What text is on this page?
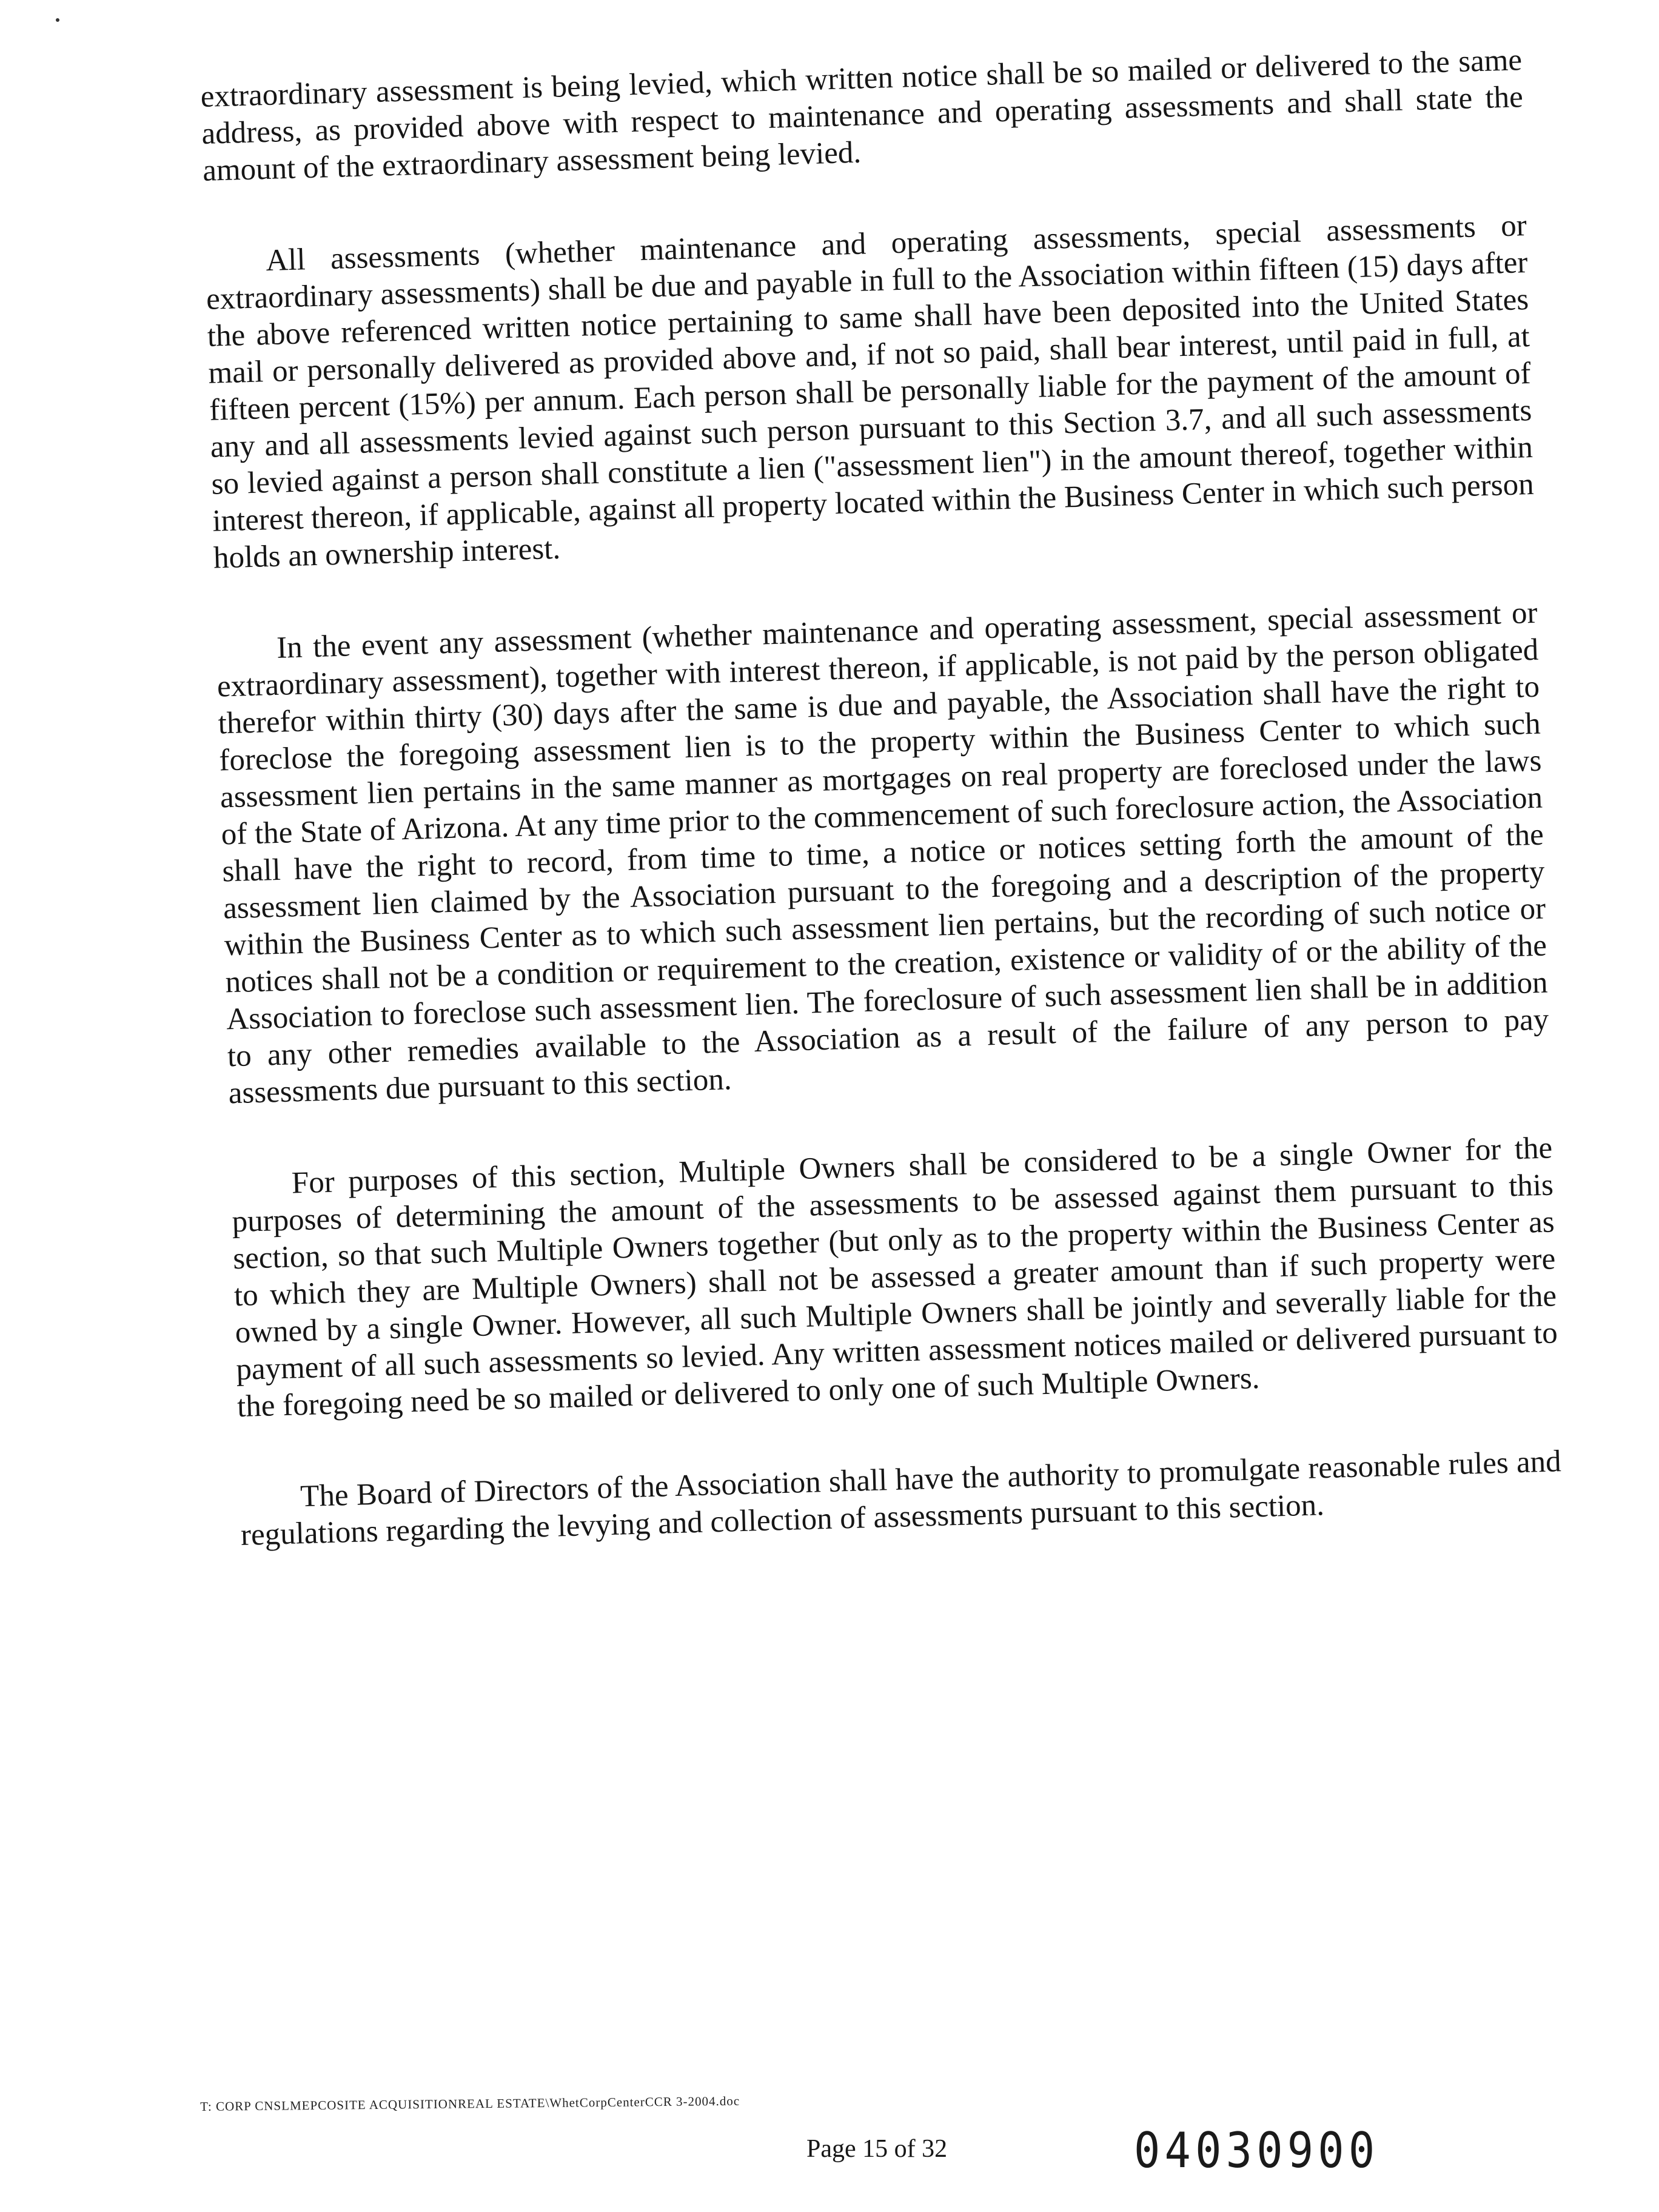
extraordinary assessment is being levied, which written notice shall be so mailed or delivered to the same address, as provided above with respect to maintenance and operating assessments and shall state the amount of the extraordinary assessment being levied.

All assessments (whether maintenance and operating assessments, special assessments or extraordinary assessments) shall be due and payable in full to the Association within fifteen (15) days after the above referenced written notice pertaining to same shall have been deposited into the United States mail or personally delivered as provided above and, if not so paid, shall bear interest, until paid in full, at fifteen percent (15%) per annum. Each person shall be personally liable for the payment of the amount of any and all assessments levied against such person pursuant to this Section 3.7, and all such assessments so levied against a person shall constitute a lien ("assessment lien") in the amount thereof, together within interest thereon, if applicable, against all property located within the Business Center in which such person holds an ownership interest.

In the event any assessment (whether maintenance and operating assessment, special assessment or extraordinary assessment), together with interest thereon, if applicable, is not paid by the person obligated therefor within thirty (30) days after the same is due and payable, the Association shall have the right to foreclose the foregoing assessment lien is to the property within the Business Center to which such assessment lien pertains in the same manner as mortgages on real property are foreclosed under the laws of the State of Arizona. At any time prior to the commencement of such foreclosure action, the Association shall have the right to record, from time to time, a notice or notices setting forth the amount of the assessment lien claimed by the Association pursuant to the foregoing and a description of the property within the Business Center as to which such assessment lien pertains, but the recording of such notice or notices shall not be a condition or requirement to the creation, existence or validity of or the ability of the Association to foreclose such assessment lien. The foreclosure of such assessment lien shall be in addition to any other remedies available to the Association as a result of the failure of any person to pay assessments due pursuant to this section.

For purposes of this section, Multiple Owners shall be considered to be a single Owner for the purposes of determining the amount of the assessments to be assessed against them pursuant to this section, so that such Multiple Owners together (but only as to the property within the Business Center as to which they are Multiple Owners) shall not be assessed a greater amount than if such property were owned by a single Owner. However, all such Multiple Owners shall be jointly and severally liable for the payment of all such assessments so levied. Any written assessment notices mailed or delivered pursuant to the foregoing need be so mailed or delivered to only one of such Multiple Owners.

The Board of Directors of the Association shall have the authority to promulgate reasonable rules and regulations regarding the levying and collection of assessments pursuant to this section.

T: CORP CNSLMEPCOSITE ACQUISITIONREAL ESTATE\WhetCorpCenterCCR 3-2004.doc
Page 15 of 32	04030900
